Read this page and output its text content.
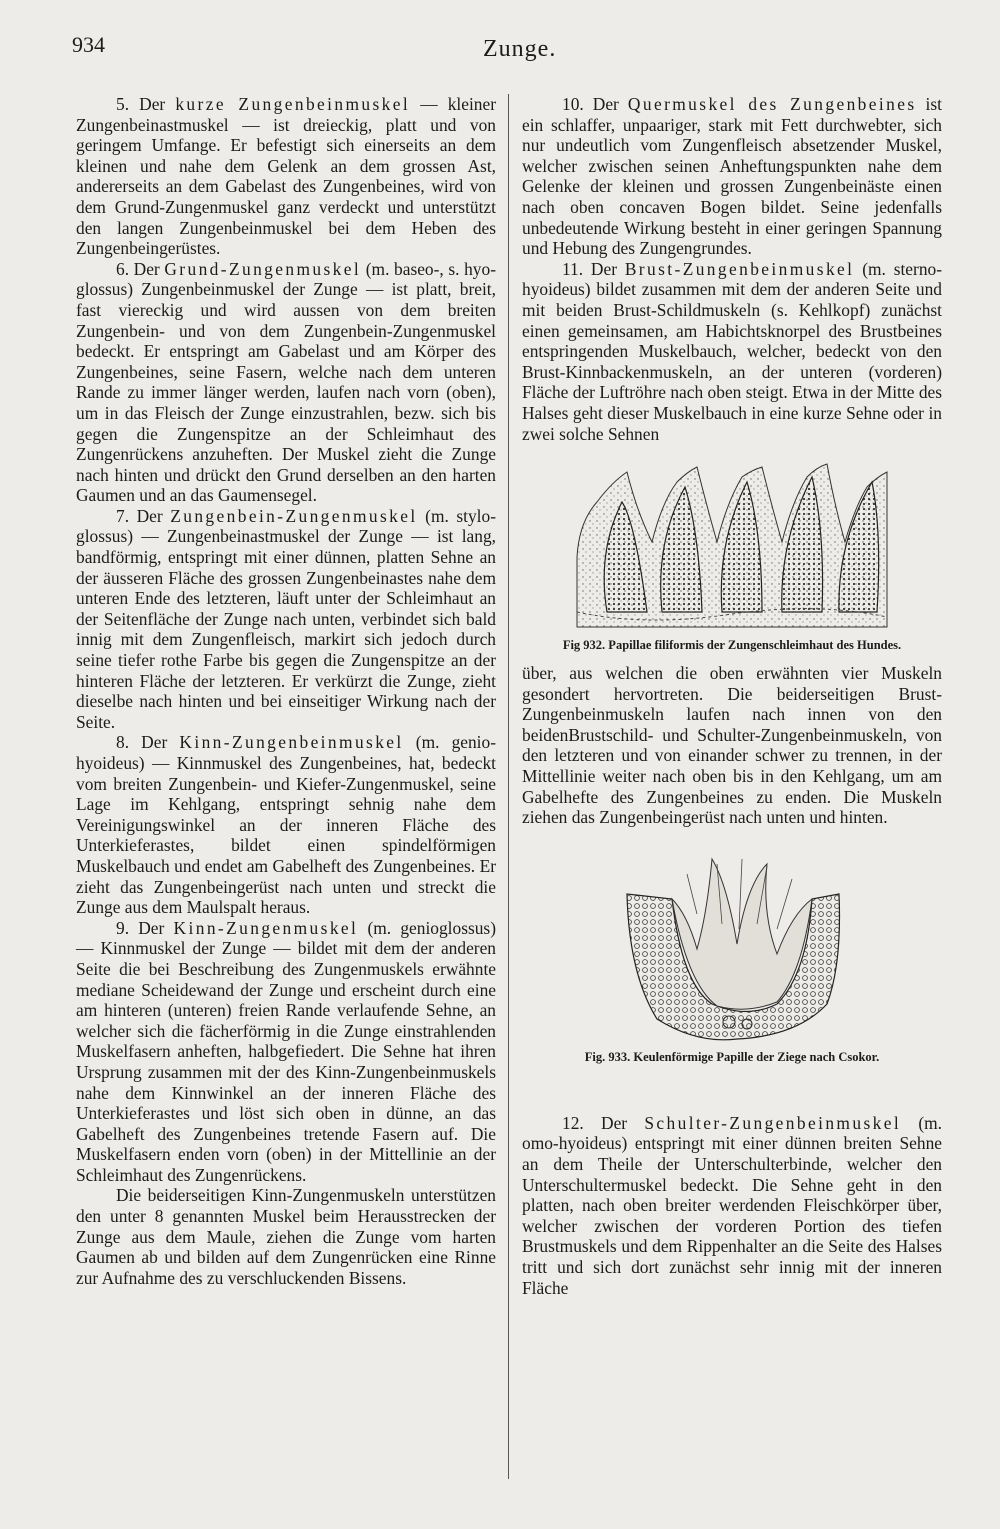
934	Zunge.

5. Der kurze Zungenbeinmuskel — kleiner Zungenbeinastmuskel — ist dreieckig, platt und von geringem Umfange. Er befestigt sich einerseits an dem kleinen und nahe dem Gelenk an dem grossen Ast, andererseits an dem Gabelast des Zungenbeines, wird von dem Grund-Zungenmuskel ganz verdeckt und unterstützt den langen Zungenbeinmuskel bei dem Heben des Zungenbeingerüstes.

6. Der Grund-Zungenmuskel (m. baseo-, s. hyo-glossus) Zungenbeinmuskel der Zunge — ist platt, breit, fast viereckig und wird aussen von dem breiten Zungenbein- und von dem Zungenbein-Zungenmuskel bedeckt. Er entspringt am Gabelast und am Körper des Zungenbeines, seine Fasern, welche nach dem unteren Rande zu immer länger werden, laufen nach vorn (oben), um in das Fleisch der Zunge einzustrahlen, bezw. sich bis gegen die Zungenspitze an der Schleimhaut des Zungenrückens anzuheften. Der Muskel zieht die Zunge nach hinten und drückt den Grund derselben an den harten Gaumen und an das Gaumensegel.

7. Der Zungenbein-Zungenmuskel (m. stylo-glossus) — Zungenbeinastmuskel der Zunge — ist lang, bandförmig, entspringt mit einer dünnen, platten Sehne an der äusseren Fläche des grossen Zungenbeinastes nahe dem unteren Ende des letzteren, läuft unter der Schleimhaut an der Seitenfläche der Zunge nach unten, verbindet sich bald innig mit dem Zungenfleisch, markirt sich jedoch durch seine tiefer rothe Farbe bis gegen die Zungenspitze an der hinteren Fläche der letzteren. Er verkürzt die Zunge, zieht dieselbe nach hinten und bei einseitiger Wirkung nach der Seite.

8. Der Kinn-Zungenbeinmuskel (m. genio-hyoideus) — Kinnmuskel des Zungenbeines, hat, bedeckt vom breiten Zungenbein- und Kiefer-Zungenmuskel, seine Lage im Kehlgang, entspringt sehnig nahe dem Vereinigungswinkel an der inneren Fläche des Unterkieferastes, bildet einen spindelförmigen Muskelbauch und endet am Gabelheft des Zungenbeines. Er zieht das Zungenbeingerüst nach unten und streckt die Zunge aus dem Maulspalt heraus.

9. Der Kinn-Zungenmuskel (m. genioglossus) — Kinnmuskel der Zunge — bildet mit dem der anderen Seite die bei Beschreibung des Zungenmuskels erwähnte mediane Scheidewand der Zunge und erscheint durch eine am hinteren (unteren) freien Rande verlaufende Sehne, an welcher sich die fächerförmig in die Zunge einstrahlenden Muskelfasern anheften, halbgefiedert. Die Sehne hat ihren Ursprung zusammen mit der des Kinn-Zungenbeinmuskels nahe dem Kinnwinkel an der inneren Fläche des Unterkieferastes und löst sich oben in dünne, an das Gabelheft des Zungenbeines tretende Fasern auf. Die Muskelfasern enden vorn (oben) in der Mittellinie an der Schleimhaut des Zungenrückens.

Die beiderseitigen Kinn-Zungenmuskeln unterstützen den unter 8 genannten Muskel beim Herausstrecken der Zunge aus dem Maule, ziehen die Zunge vom harten Gaumen ab und bilden auf dem Zungenrücken eine Rinne zur Aufnahme des zu verschluckenden Bissens.

10. Der Quermuskel des Zungenbeines ist ein schlaffer, unpaariger, stark mit Fett durchwebter, sich nur undeutlich vom Zungenfleisch absetzender Muskel, welcher zwischen seinen Anheftungspunkten nahe dem Gelenke der kleinen und grossen Zungenbeinäste einen nach oben concaven Bogen bildet. Seine jedenfalls unbedeutende Wirkung besteht in einer geringen Spannung und Hebung des Zungengrundes.

11. Der Brust-Zungenbeinmuskel (m. sterno-hyoideus) bildet zusammen mit dem der anderen Seite und mit beiden Brust-Schildmuskeln (s. Kehlkopf) zunächst einen gemeinsamen, am Habichtsknorpel des Brustbeines entspringenden Muskelbauch, welcher, bedeckt von den Brust-Kinnbackenmuskeln, an der unteren (vorderen) Fläche der Luftröhre nach oben steigt. Etwa in der Mitte des Halses geht dieser Muskelbauch in eine kurze Sehne oder in zwei solche Sehnen

Fig 932. Papillae filiformis der Zungenschleimhaut des Hundes.

über, aus welchen die oben erwähnten vier Muskeln gesondert hervortreten. Die beiderseitigen Brust-Zungenbeinmuskeln laufen nach innen von den beidenBrustschild- und Schulter-Zungenbeinmuskeln, von den letzteren und von einander schwer zu trennen, in der Mittellinie weiter nach oben bis in den Kehlgang, um am Gabelhefte des Zungenbeines zu enden. Die Muskeln ziehen das Zungenbeingerüst nach unten und hinten.

Fig. 933. Keulenförmige Papille der Ziege nach Csokor.

12. Der Schulter-Zungenbeinmuskel (m. omo-hyoideus) entspringt mit einer dünnen breiten Sehne an dem Theile der Unterschulterbinde, welcher den Unterschultermuskel bedeckt. Die Sehne geht in den platten, nach oben breiter werdenden Fleischkörper über, welcher zwischen der vorderen Portion des tiefen Brustmuskels und dem Rippenhalter an die Seite des Halses tritt und sich dort zunächst sehr innig mit der inneren Fläche
